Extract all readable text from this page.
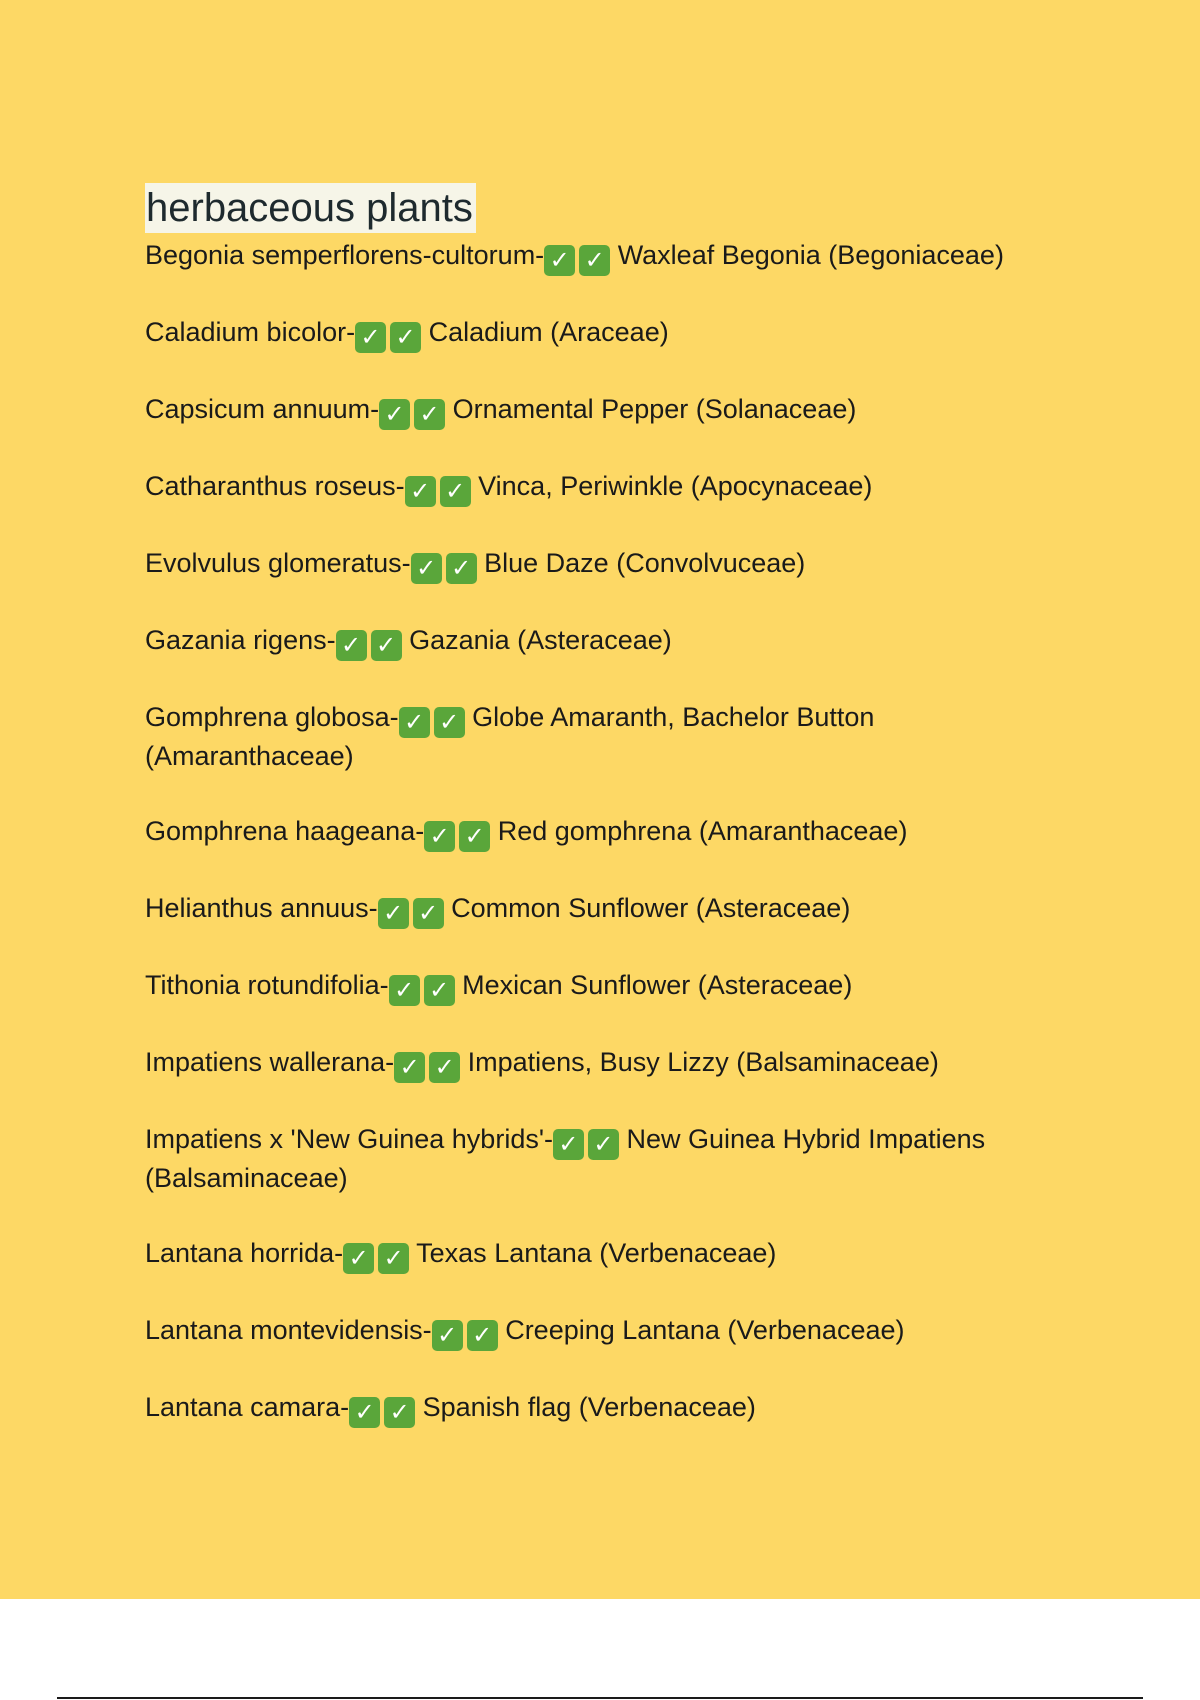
herbaceous plants
Begonia semperflorens-cultorum- ✓ ✓ Waxleaf Begonia (Begoniaceae)
Caladium bicolor- ✓ ✓ Caladium (Araceae)
Capsicum annuum- ✓ ✓ Ornamental Pepper (Solanaceae)
Catharanthus roseus- ✓ ✓ Vinca, Periwinkle (Apocynaceae)
Evolvulus glomeratus- ✓ ✓ Blue Daze (Convolvuceae)
Gazania rigens- ✓ ✓ Gazania (Asteraceae)
Gomphrena globosa- ✓ ✓ Globe Amaranth, Bachelor Button (Amaranthaceae)
Gomphrena haageana- ✓ ✓ Red gomphrena (Amaranthaceae)
Helianthus annuus- ✓ ✓ Common Sunflower (Asteraceae)
Tithonia rotundifolia- ✓ ✓ Mexican Sunflower (Asteraceae)
Impatiens wallerana- ✓ ✓ Impatiens, Busy Lizzy (Balsaminaceae)
Impatiens x 'New Guinea hybrids'- ✓ ✓ New Guinea Hybrid Impatiens (Balsaminaceae)
Lantana horrida- ✓ ✓ Texas Lantana (Verbenaceae)
Lantana montevidensis- ✓ ✓ Creeping Lantana (Verbenaceae)
Lantana camara- ✓ ✓ Spanish flag (Verbenaceae)
